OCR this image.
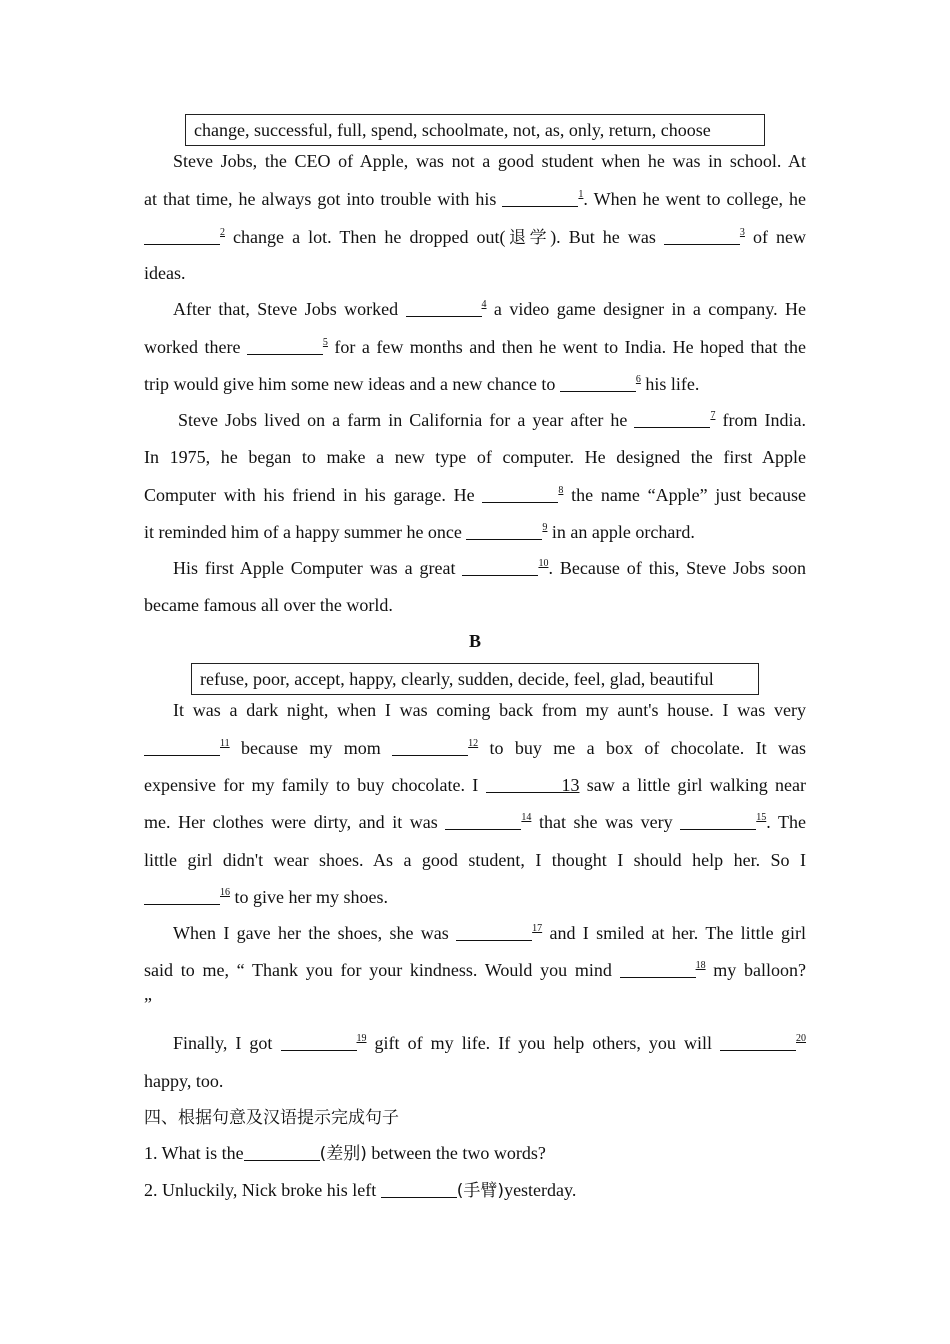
change, successful, full, spend, schoolmate, not, as, only, return, choose
Steve Jobs, the CEO of Apple, was not a good student when he was in school. At
at that time, he always got into trouble with his	$^1$. When he went to college, he
$^2$ change a lot. Then he dropped out(退学). But he was	$^3$ of new
ideas.
After that, Steve Jobs worked	$^4$ a video game designer in a company. He
worked there	$^5$ for a few months and then he went to India. He hoped that the
trip would give him some new ideas and a new chance to	$^6$ his life.
Steve Jobs lived on a farm in California for a year after he	$^7$ from India.
In 1975, he began to make a new type of computer. He designed the first Apple
Computer with his friend in his garage. He	$^8$ the name “Apple” just because
it reminded him of a happy summer he once	$^9$ in an apple orchard.
His first Apple Computer was a great	$^{10}$. Because of this, Steve Jobs soon
became famous all over the world.
B
refuse, poor, accept, happy, clearly, sudden, decide, feel, glad, beautiful
It was a dark night, when I was coming back from my aunt's house. I was very
$^{11}$ because my mom	$^{12}$ to buy me a box of chocolate. It was
expensive for my family to buy chocolate. I	13 saw a little girl walking near
me. Her clothes were dirty, and it was	$^{14}$ that she was very	$^{15}$. The
little girl didn't wear shoes. As a good student, I thought I should help her. So I
$^{16}$ to give her my shoes.
When I gave her the shoes, she was	$^{17}$ and I smiled at her. The little girl
said to me, “ Thank you for your kindness. Would you mind	$^{18}$ my balloon?
”
Finally, I got	$^{19}$ gift of my life. If you help others, you will	$^{20}$
happy, too.
四、根据句意及汉语提示完成句子
1. What is the	(差别) between the two words?
2. Unluckily, Nick broke his left	(手臂)yesterday.
